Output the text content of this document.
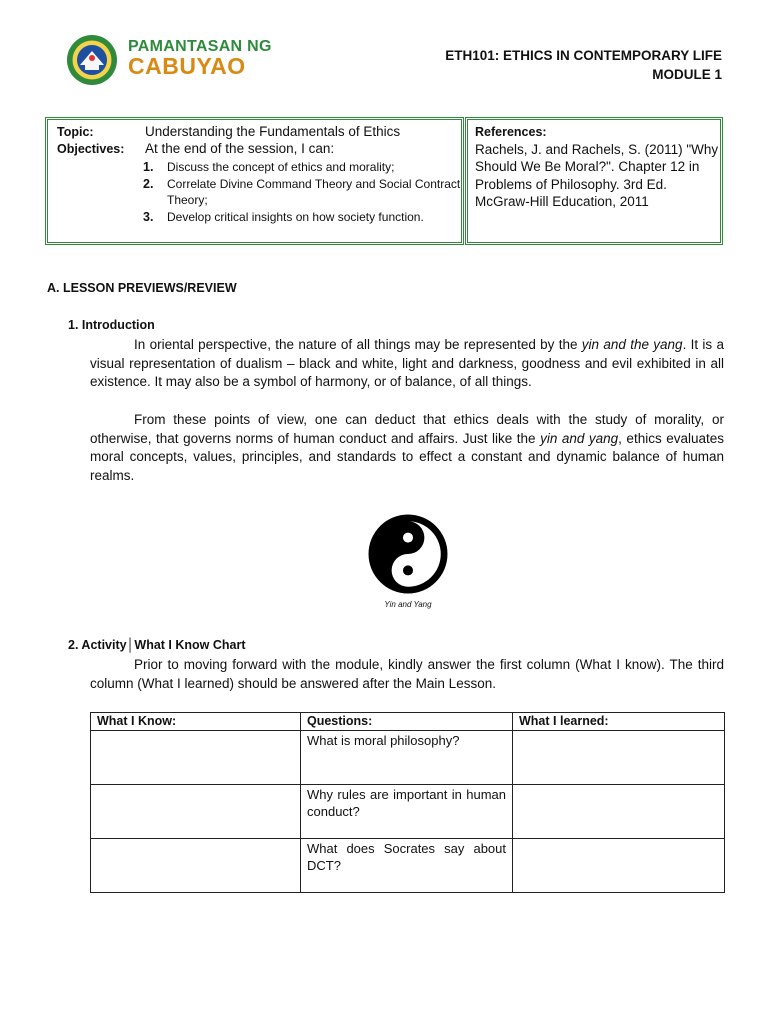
PAMANTASAN NG
CABUYAO	ETH101: ETHICS IN CONTEMPORARY LIFE
MODULE 1
Topic:	Understanding the Fundamentals of Ethics
Objectives: At the end of the session, I can:
1. Discuss the concept of ethics and morality;
2. Correlate Divine Command Theory and Social Contract Theory;
3. Develop critical insights on how society function.
References:
Rachels, J. and Rachels, S. (2011) "Why Should We Be Moral?". Chapter 12 in Problems of Philosophy. 3rd Ed. McGraw-Hill Education, 2011
A. LESSON PREVIEWS/REVIEW
1. Introduction
In oriental perspective, the nature of all things may be represented by the yin and the yang. It is a visual representation of dualism – black and white, light and darkness, goodness and evil exhibited in all existence. It may also be a symbol of harmony, or of balance, of all things.
From these points of view, one can deduct that ethics deals with the study of morality, or otherwise, that governs norms of human conduct and affairs. Just like the yin and yang, ethics evaluates moral concepts, values, principles, and standards to effect a constant and dynamic balance of human realms.
Yin and Yang
2. Activity│What I Know Chart
Prior to moving forward with the module, kindly answer the first column (What I know). The third column (What I learned) should be answered after the Main Lesson.
What I Know:	Questions:	What I learned:
	What is moral philosophy?	
	Why rules are important in human conduct?	
	What does Socrates say about DCT?	
